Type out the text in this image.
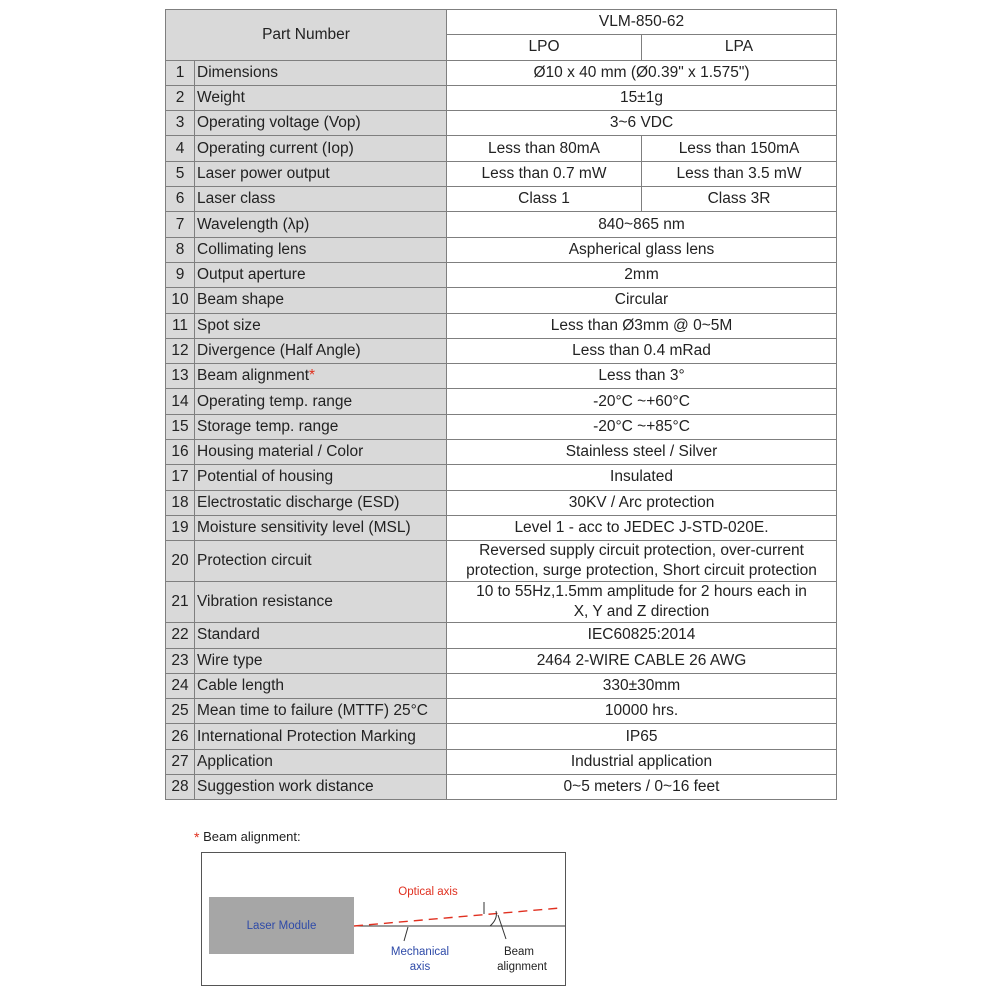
Part Number		VLM-850-62	
		LPO	LPA
1	Dimensions	Ø10 x 40 mm (Ø0.39" x 1.575")	
2	Weight	15±1g	
3	Operating voltage (Vop)	3~6 VDC	
4	Operating current (Iop)	Less than 80mA	Less than 150mA
5	Laser power output	Less than 0.7 mW	Less than 3.5 mW
6	Laser class	Class 1	Class 3R
7	Wavelength (λp)	840~865 nm	
8	Collimating lens	Aspherical glass lens	
9	Output aperture	2mm	
10	Beam shape	Circular	
11	Spot size	Less than Ø3mm @ 0~5M	
12	Divergence (Half Angle)	Less than 0.4 mRad	
13	Beam alignment*	Less than 3°	
14	Operating temp. range	-20°C ~+60°C	
15	Storage temp. range	-20°C ~+85°C	
16	Housing material / Color	Stainless steel / Silver	
17	Potential of housing	Insulated	
18	Electrostatic discharge (ESD)	30KV / Arc protection	
19	Moisture sensitivity level (MSL)	Level 1 - acc to JEDEC J-STD-020E.	
20	Protection circuit	Reversed supply circuit protection, over-current
protection, surge protection, Short circuit protection	

21	Vibration resistance	10 to 55Hz,1.5mm amplitude for 2 hours each in
X, Y and Z direction	

22	Standard	IEC60825:2014	
23	Wire type	2464 2-WIRE CABLE 26 AWG	
24	Cable length	330±30mm	
25	Mean time to failure (MTTF) 25°C	10000 hrs.	
26	International Protection Marking	IP65	
27	Application	Industrial application	
28	Suggestion work distance	0~5 meters / 0~16 feet	
* Beam alignment:
Laser Module
Optical axis
Mechanical
axis
Beam
alignment
